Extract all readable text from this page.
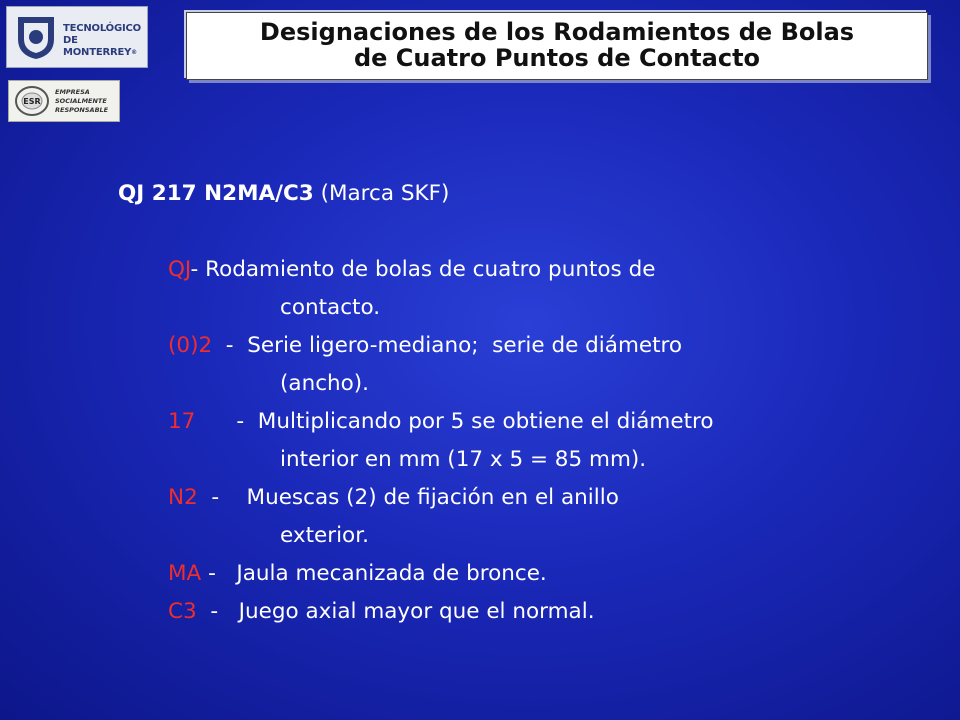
TECNOLÓGICO
DE MONTERREY®
ESR
EMPRESA
SOCIALMENTE
RESPONSABLE
Designaciones de los Rodamientos de Bolas
de Cuatro Puntos de Contacto
QJ 217 N2MA/C3 (Marca SKF)
QJ- Rodamiento de bolas de cuatro puntos de
contacto.
(0)2  -  Serie ligero-mediano;  serie de diámetro
(ancho).
17      -  Multiplicando por 5 se obtiene el diámetro
interior en mm (17 x 5 = 85 mm).
N2  -    Muescas (2) de fijación en el anillo
exterior.
MA -   Jaula mecanizada de bronce.
C3  -   Juego axial mayor que el normal.
